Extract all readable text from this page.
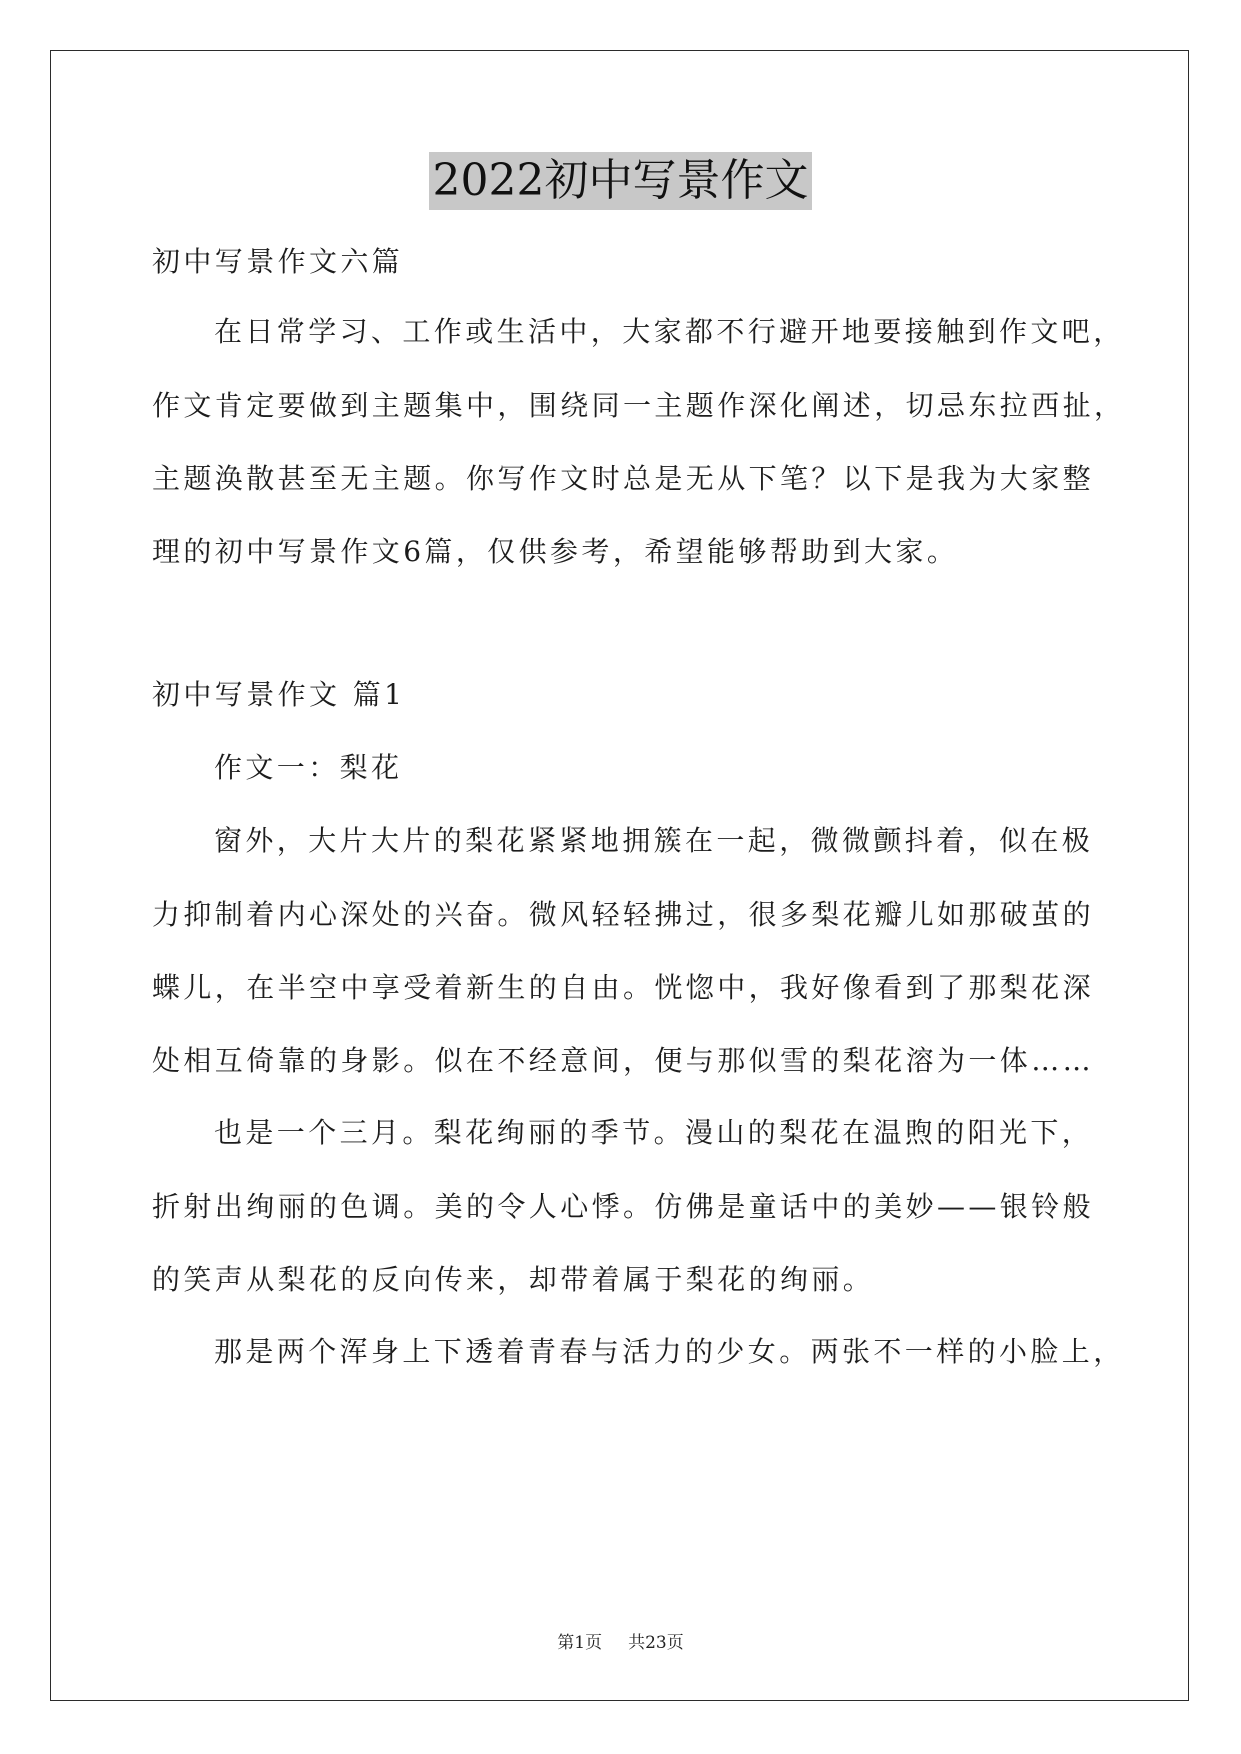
2022初中写景作文
初中写景作文六篇
在日常学习、工作或生活中，大家都不行避开地要接触到作文吧，
作文肯定要做到主题集中，围绕同一主题作深化阐述，切忌东拉西扯，
主题涣散甚至无主题。你写作文时总是无从下笔？以下是我为大家整
理的初中写景作文6篇，仅供参考，希望能够帮助到大家。
初中写景作文 篇1
作文一：梨花
窗外，大片大片的梨花紧紧地拥簇在一起，微微颤抖着，似在极
力抑制着内心深处的兴奋。微风轻轻拂过，很多梨花瓣儿如那破茧的
蝶儿，在半空中享受着新生的自由。恍惚中，我好像看到了那梨花深
处相互倚靠的身影。似在不经意间，便与那似雪的梨花溶为一体……
也是一个三月。梨花绚丽的季节。漫山的梨花在温煦的阳光下，
折射出绚丽的色调。美的令人心悸。仿佛是童话中的美妙——银铃般
的笑声从梨花的反向传来，却带着属于梨花的绚丽。
那是两个浑身上下透着青春与活力的少女。两张不一样的小脸上，
第1页 共23页
